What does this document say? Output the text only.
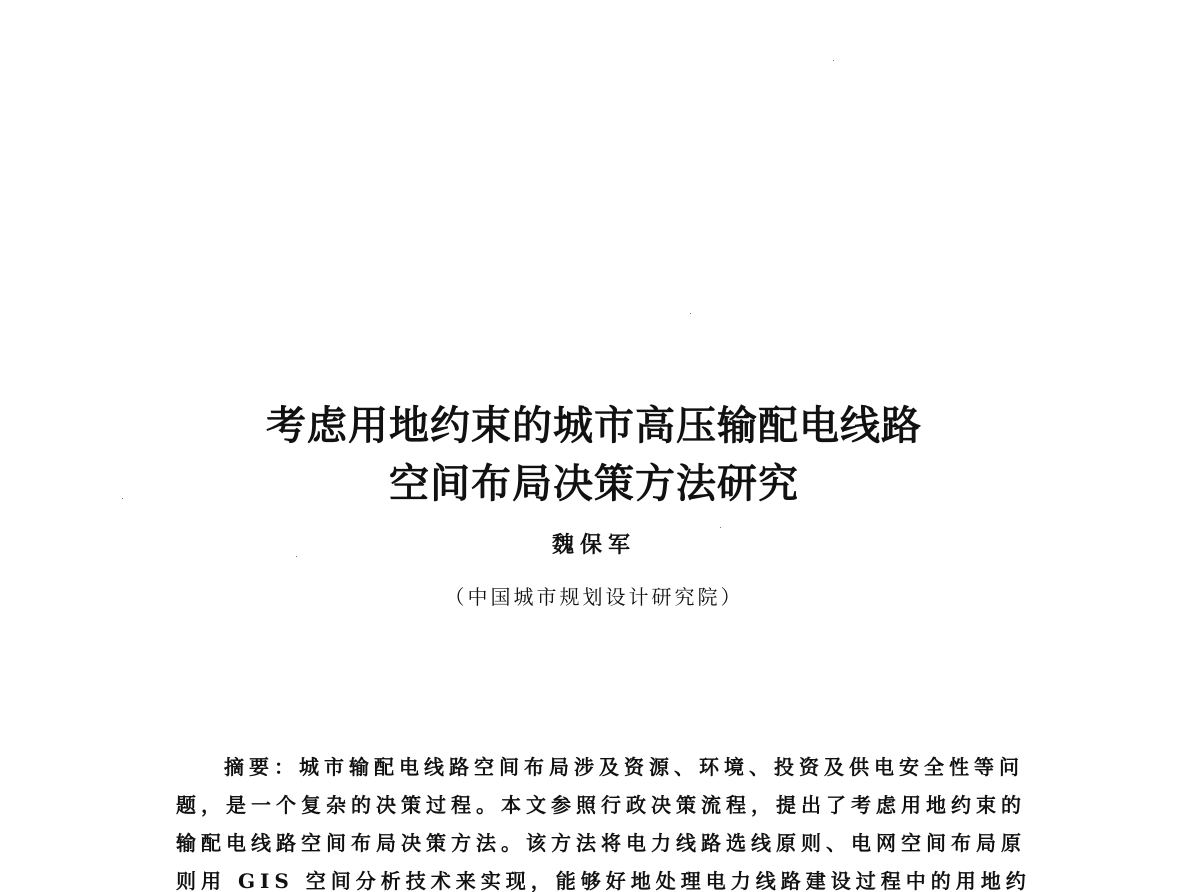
考虑用地约束的城市高压输配电线路
空间布局决策方法研究
魏保军
（中国城市规划设计研究院）
摘要：城市输配电线路空间布局涉及资源、环境、投资及供电安全性等问
题，是一个复杂的决策过程。本文参照行政决策流程，提出了考虑用地约束的
输配电线路空间布局决策方法。该方法将电力线路选线原则、电网空间布局原
则用 GIS 空间分析技术来实现，能够好地处理电力线路建设过程中的用地约
